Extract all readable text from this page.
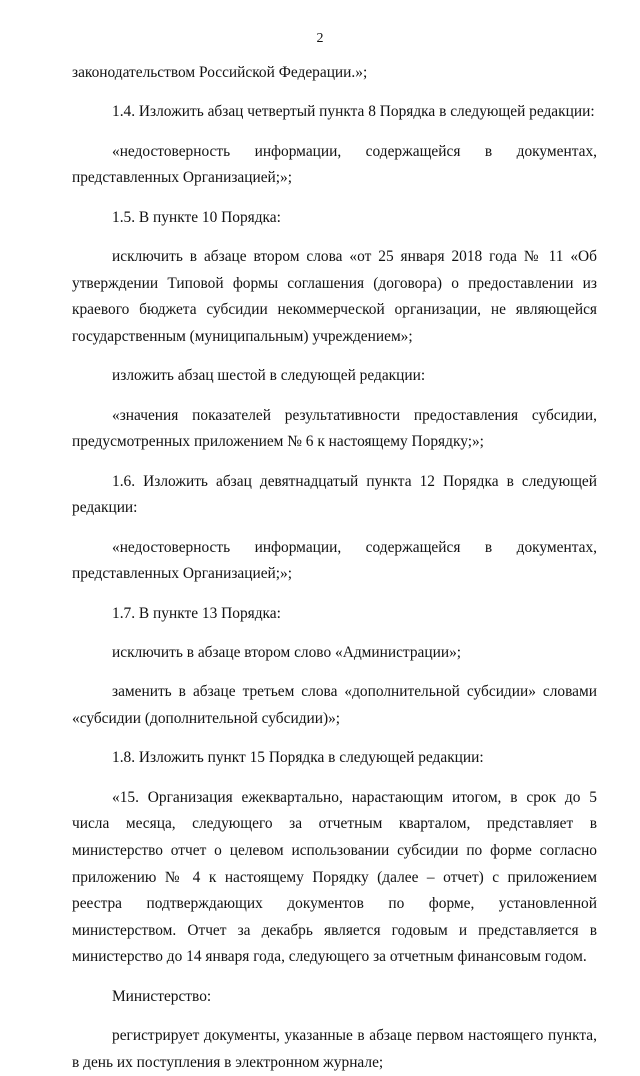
2

законодательством Российской Федерации.»;

1.4. Изложить абзац четвертый пункта 8 Порядка в следующей редакции:

«недостоверность информации, содержащейся в документах, представленных Организацией;»;

1.5. В пункте 10 Порядка:

исключить в абзаце втором слова «от 25 января 2018 года № 11 «Об утверждении Типовой формы соглашения (договора) о предоставлении из краевого бюджета субсидии некоммерческой организации, не являющейся государственным (муниципальным) учреждением»;

изложить абзац шестой в следующей редакции:

«значения показателей результативности предоставления субсидии, предусмотренных приложением № 6 к настоящему Порядку;»;

1.6. Изложить абзац девятнадцатый пункта 12 Порядка в следующей редакции:

«недостоверность информации, содержащейся в документах, представленных Организацией;»;

1.7. В пункте 13 Порядка:

исключить в абзаце втором слово «Администрации»;

заменить в абзаце третьем слова «дополнительной субсидии» словами «субсидии (дополнительной субсидии)»;

1.8. Изложить пункт 15 Порядка в следующей редакции:

«15. Организация ежеквартально, нарастающим итогом, в срок до 5 числа месяца, следующего за отчетным кварталом, представляет в министерство отчет о целевом использовании субсидии по форме согласно приложению № 4 к настоящему Порядку (далее – отчет) с приложением реестра подтверждающих документов по форме, установленной министерством. Отчет за декабрь является годовым и представляется в министерство до 14 января года, следующего за отчетным финансовым годом.

Министерство:

регистрирует документы, указанные в абзаце первом настоящего пункта, в день их поступления в электронном журнале;
